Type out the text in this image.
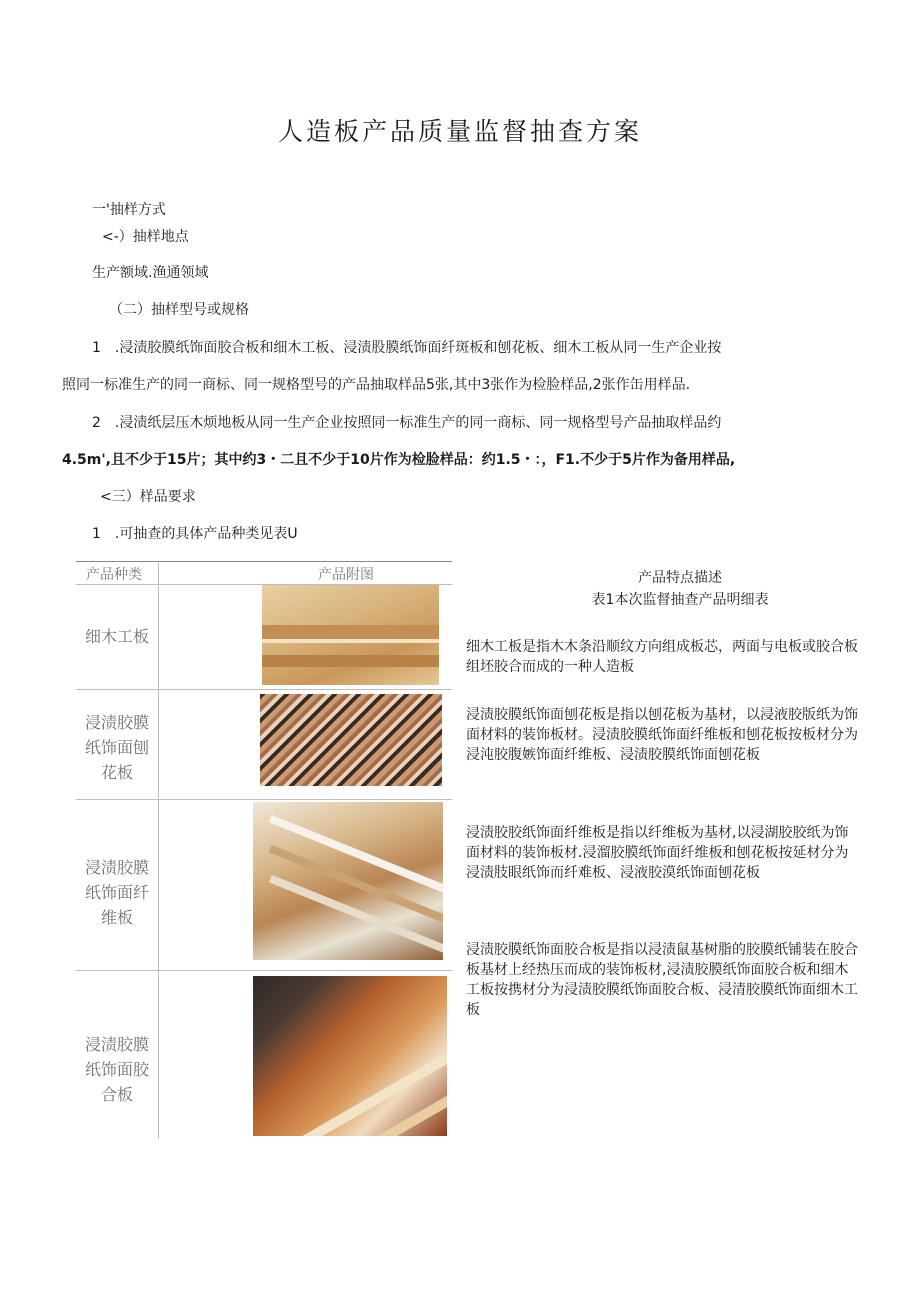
人造板产品质量监督抽查方案
一'抽样方式
<-）抽样地点
生产额域.渔通领域
（二）抽样型号或规格
1　.浸渍胶膜纸饰面胶合板和细木工板、浸渍股膜纸饰面纤斑板和刨花板、细木工板从同一生产企业按
照同一标准生产的同一商标、同一规格型号的产品抽取样品5张,其中3张作为检脸样品,2张作缶用样品.
2　.浸渍纸层压木烦地板从同一生产企业按照同一标准生产的同一商标、同一规格型号产品抽取样品约
4.5m',且不少于15片；其中约3・二且不少于10片作为检脸样品：约1.5・：，F1.不少于5片作为备用样品,
<三）样品要求
1　.可抽查的具体产品种类见表U
产品种类	产品附图	产品特点描述
表1本次监督抽查产品明细表
细木工板
浸渍胶膜纸饰面刨花板
浸渍胶膜纸饰面纤维板
浸渍胶膜纸饰面胶合板
细木工板是指木木条沿顺纹方向组成板芯，两面与电板或胶合板组坯胶合而成的一种人造板
浸渍胶膜纸饰面刨花板是指以刨花板为基材，以浸液胶版纸为饰面材料的装饰板材。浸渍胶膜纸饰面纤维板和刨花板按板材分为浸沌胶腹嫉饰面纤维板、浸渍胶膜纸饰面刨花板
浸渍胶胶纸饰面纤维板是指以纤维板为基材,以浸湖胶胶纸为饰面材料的装饰板材.浸溜胶膜纸饰面纤维板和刨花板按延材分为浸渍肢眼纸饰而纤难板、浸液胶漠纸饰面刨花板
浸渍胶膜纸饰面胶合板是指以浸渍鼠基树脂的胶膜纸铺装在胶合板基材上经热压而成的装饰板材,浸渍胶膜纸饰面胶合板和细木工板按携材分为浸渍胶膜纸饰面胶合板、浸清胶膜纸饰面细木工板
